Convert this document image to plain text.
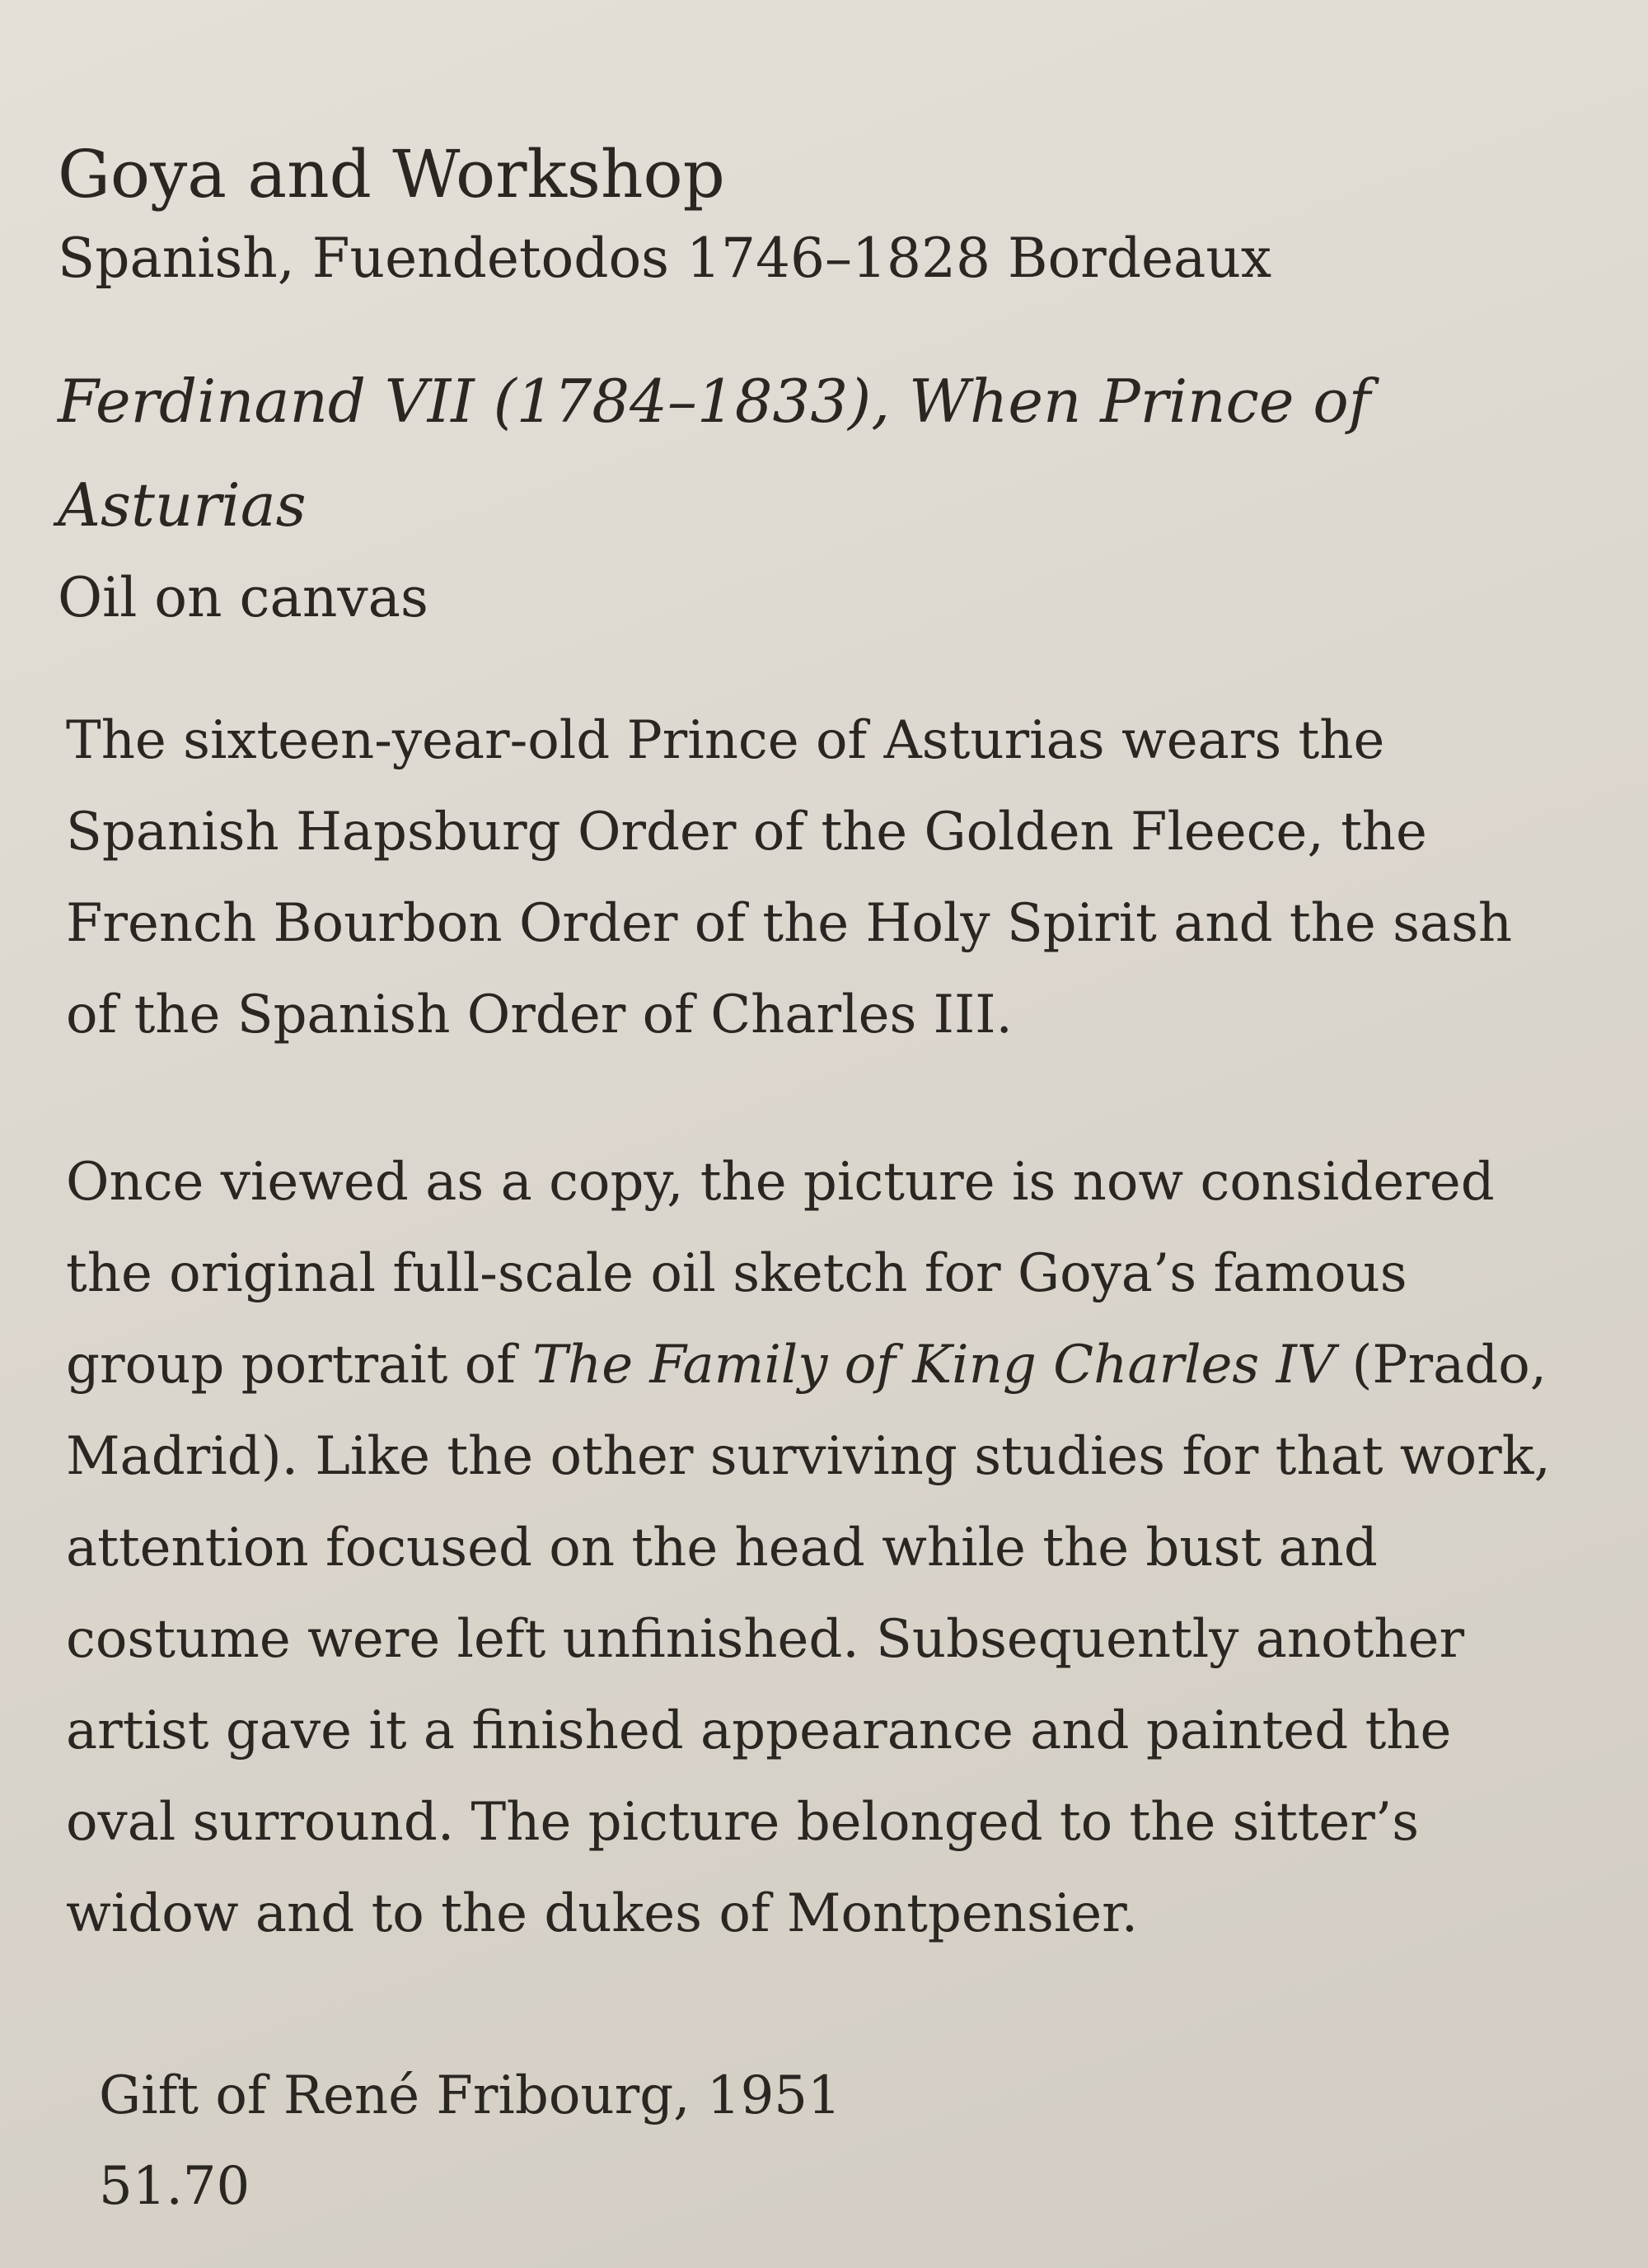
Goya and Workshop

Spanish, Fuendetodos 1746–1828 Bordeaux

Ferdinand VII (1784–1833), When Prince of Asturias

Oil on canvas

The sixteen-year-old Prince of Asturias wears the Spanish Hapsburg Order of the Golden Fleece, the French Bourbon Order of the Holy Spirit and the sash of the Spanish Order of Charles III.

Once viewed as a copy, the picture is now considered the original full-scale oil sketch for Goya’s famous group portrait of The Family of King Charles IV (Prado, Madrid). Like the other surviving studies for that work, attention focused on the head while the bust and costume were left unfinished. Subsequently another artist gave it a finished appearance and painted the oval surround. The picture belonged to the sitter’s widow and to the dukes of Montpensier.

Gift of René Fribourg, 1951

51.70
